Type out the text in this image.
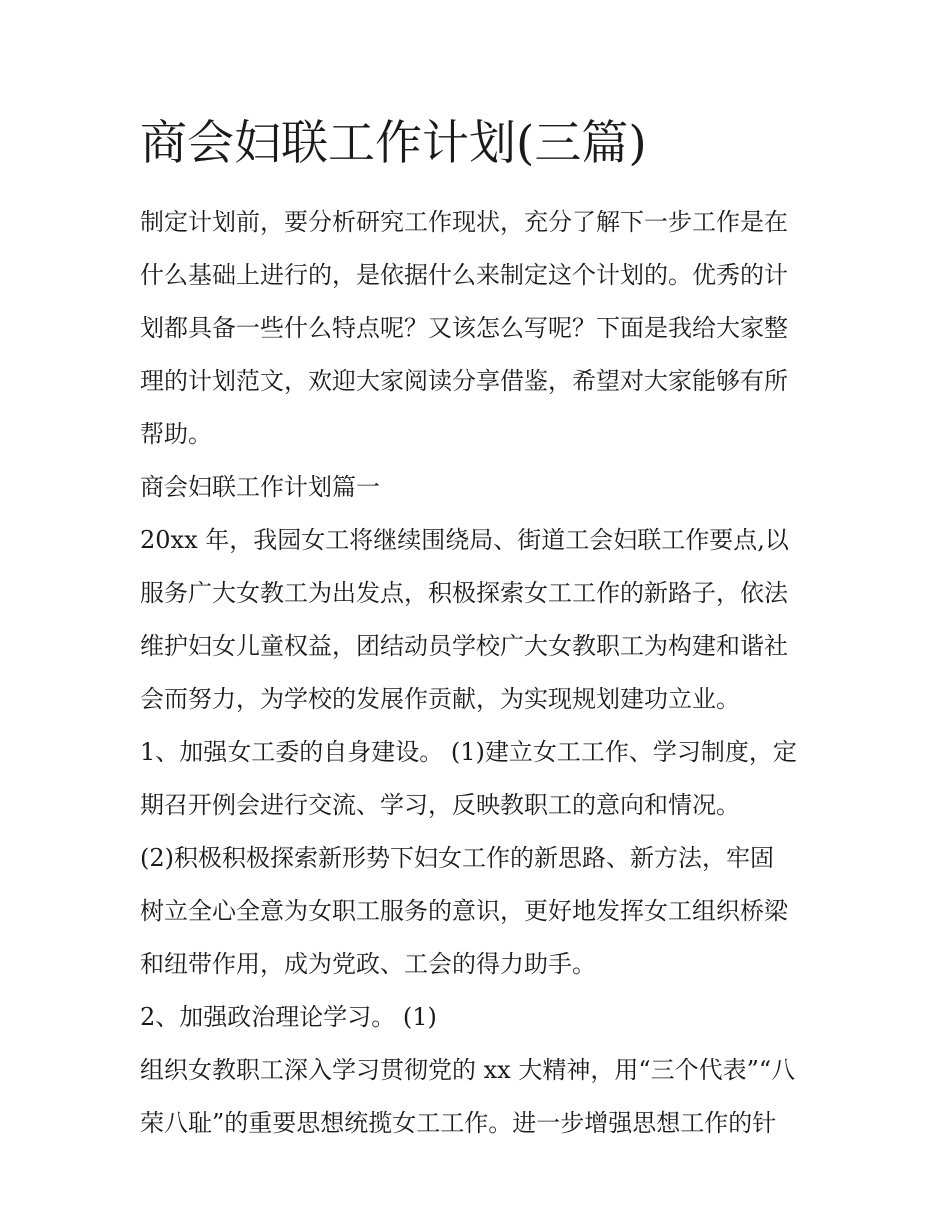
商会妇联工作计划(三篇)
制定计划前，要分析研究工作现状，充分了解下一步工作是在
什么基础上进行的，是依据什么来制定这个计划的。优秀的计
划都具备一些什么特点呢？又该怎么写呢？下面是我给大家整
理的计划范文，欢迎大家阅读分享借鉴，希望对大家能够有所
帮助。
商会妇联工作计划篇一
20xx 年，我园女工将继续围绕局、街道工会妇联工作要点,以
服务广大女教工为出发点，积极探索女工工作的新路子，依法
维护妇女儿童权益，团结动员学校广大女教职工为构建和谐社
会而努力，为学校的发展作贡献，为实现规划建功立业。
1、加强女工委的自身建设。 (1)建立女工工作、学习制度，定
期召开例会进行交流、学习，反映教职工的意向和情况。
(2)积极积极探索新形势下妇女工作的新思路、新方法，牢固
树立全心全意为女职工服务的意识，更好地发挥女工组织桥梁
和纽带作用，成为党政、工会的得力助手。
2、加强政治理论学习。 (1)
组织女教职工深入学习贯彻党的 xx 大精神，用“三个代表”“八
荣八耻”的重要思想统揽女工工作。进一步增强思想工作的针
